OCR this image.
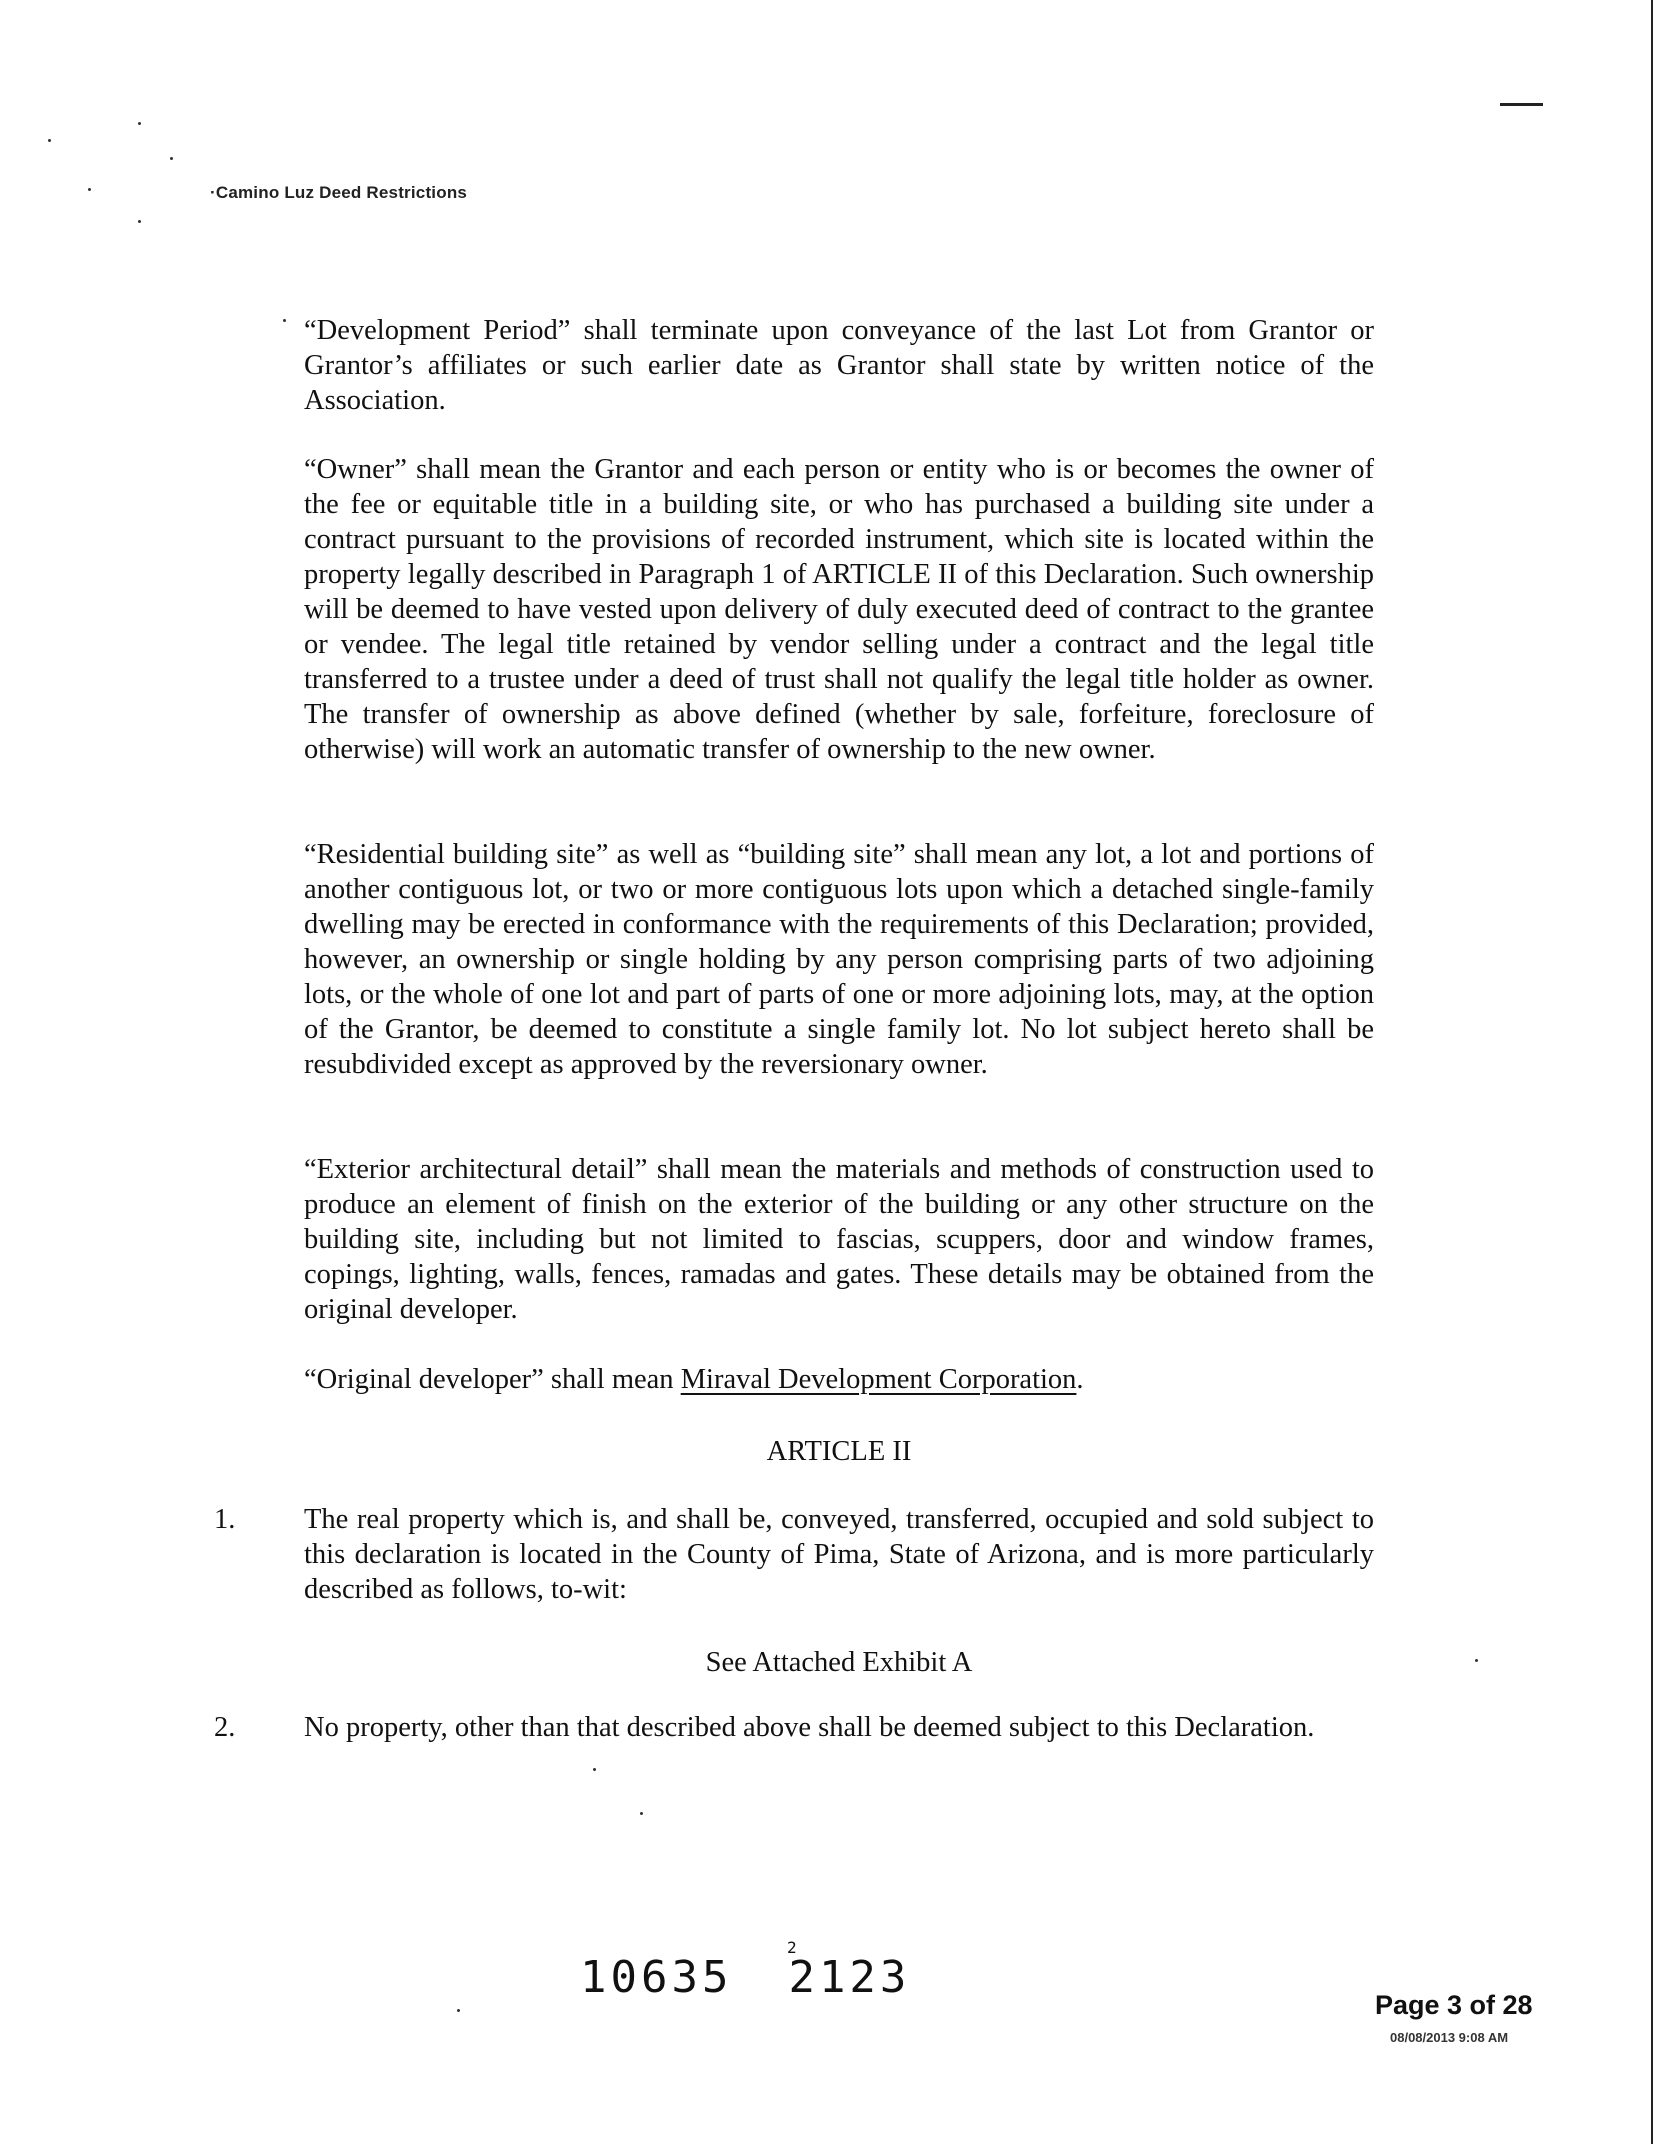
·Camino Luz Deed Restrictions

“Development Period” shall terminate upon conveyance of the last Lot from Grantor or Grantor’s affiliates or such earlier date as Grantor shall state by written notice of the Association.

“Owner” shall mean the Grantor and each person or entity who is or becomes the owner of the fee or equitable title in a building site, or who has purchased a building site under a contract pursuant to the provisions of recorded instrument, which site is located within the property legally described in Paragraph 1 of ARTICLE II of this Declaration. Such ownership will be deemed to have vested upon delivery of duly executed deed of contract to the grantee or vendee. The legal title retained by vendor selling under a contract and the legal title transferred to a trustee under a deed of trust shall not qualify the legal title holder as owner. The transfer of ownership as above defined (whether by sale, forfeiture, foreclosure of otherwise) will work an automatic transfer of ownership to the new owner.

“Residential building site” as well as “building site” shall mean any lot, a lot and portions of another contiguous lot, or two or more contiguous lots upon which a detached single-family dwelling may be erected in conformance with the requirements of this Declaration; provided, however, an ownership or single holding by any person comprising parts of two adjoining lots, or the whole of one lot and part of parts of one or more adjoining lots, may, at the option of the Grantor, be deemed to constitute a single family lot. No lot subject hereto shall be resubdivided except as approved by the reversionary owner.

“Exterior architectural detail” shall mean the materials and methods of construction used to produce an element of finish on the exterior of the building or any other structure on the building site, including but not limited to fascias, scuppers, door and window frames, copings, lighting, walls, fences, ramadas and gates. These details may be obtained from the original developer.

“Original developer” shall mean Miraval Development Corporation.

ARTICLE II
1. The real property which is, and shall be, conveyed, transferred, occupied and sold subject to this declaration is located in the County of Pima, State of Arizona, and is more particularly described as follows, to-wit:

See Attached Exhibit A
2. No property, other than that described above shall be deemed subject to this Declaration.

10635 2123
2
Page 3 of 28
08/08/2013 9:08 AM
